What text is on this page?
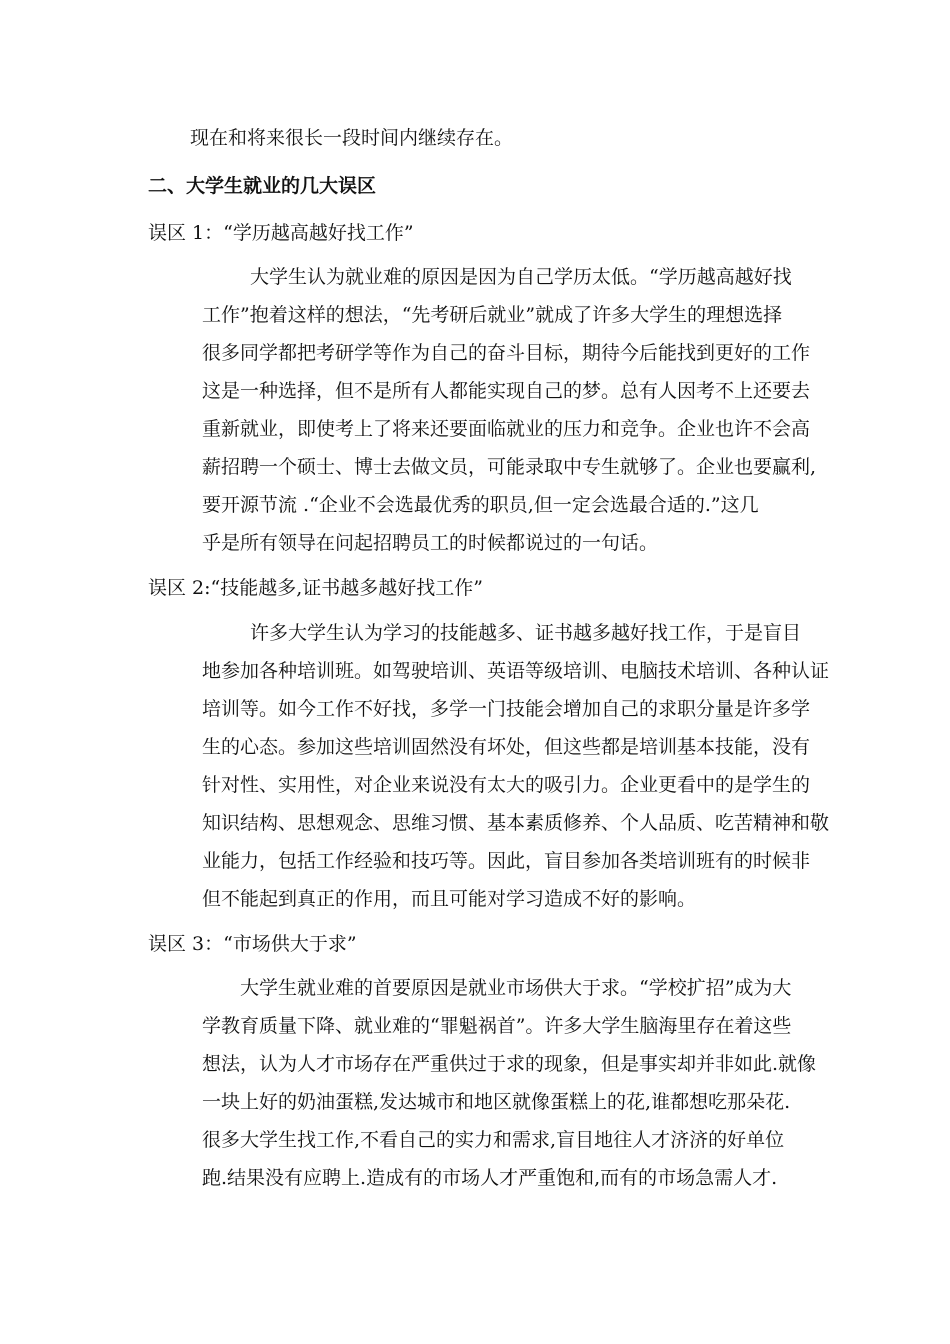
现在和将来很长一段时间内继续存在。
二、大学生就业的几大误区
误区 1：“学历越高越好找工作”
大学生认为就业难的原因是因为自己学历太低。“学历越高越好找
工作”抱着这样的想法，“先考研后就业”就成了许多大学生的理想选择
很多同学都把考研学等作为自己的奋斗目标，期待今后能找到更好的工作
这是一种选择，但不是所有人都能实现自己的梦。总有人因考不上还要去
重新就业，即使考上了将来还要面临就业的压力和竞争。企业也许不会高
薪招聘一个硕士、博士去做文员，可能录取中专生就够了。企业也要赢利,
要开源节流 .“企业不会选最优秀的职员,但一定会选最合适的.”这几
乎是所有领导在问起招聘员工的时候都说过的一句话。
误区 2:“技能越多,证书越多越好找工作”
许多大学生认为学习的技能越多、证书越多越好找工作，于是盲目
地参加各种培训班。如驾驶培训、英语等级培训、电脑技术培训、各种认证
培训等。如今工作不好找，多学一门技能会增加自己的求职分量是许多学
生的心态。参加这些培训固然没有坏处，但这些都是培训基本技能，没有
针对性、实用性，对企业来说没有太大的吸引力。企业更看中的是学生的
知识结构、思想观念、思维习惯、基本素质修养、个人品质、吃苦精神和敬
业能力，包括工作经验和技巧等。因此，盲目参加各类培训班有的时候非
但不能起到真正的作用，而且可能对学习造成不好的影响。
误区 3：“市场供大于求”
大学生就业难的首要原因是就业市场供大于求。“学校扩招”成为大
学教育质量下降、就业难的“罪魁祸首”。许多大学生脑海里存在着这些
想法，认为人才市场存在严重供过于求的现象，但是事实却并非如此.就像
一块上好的奶油蛋糕,发达城市和地区就像蛋糕上的花,谁都想吃那朵花.
很多大学生找工作,不看自己的实力和需求,盲目地往人才济济的好单位
跑.结果没有应聘上.造成有的市场人才严重饱和,而有的市场急需人才.
